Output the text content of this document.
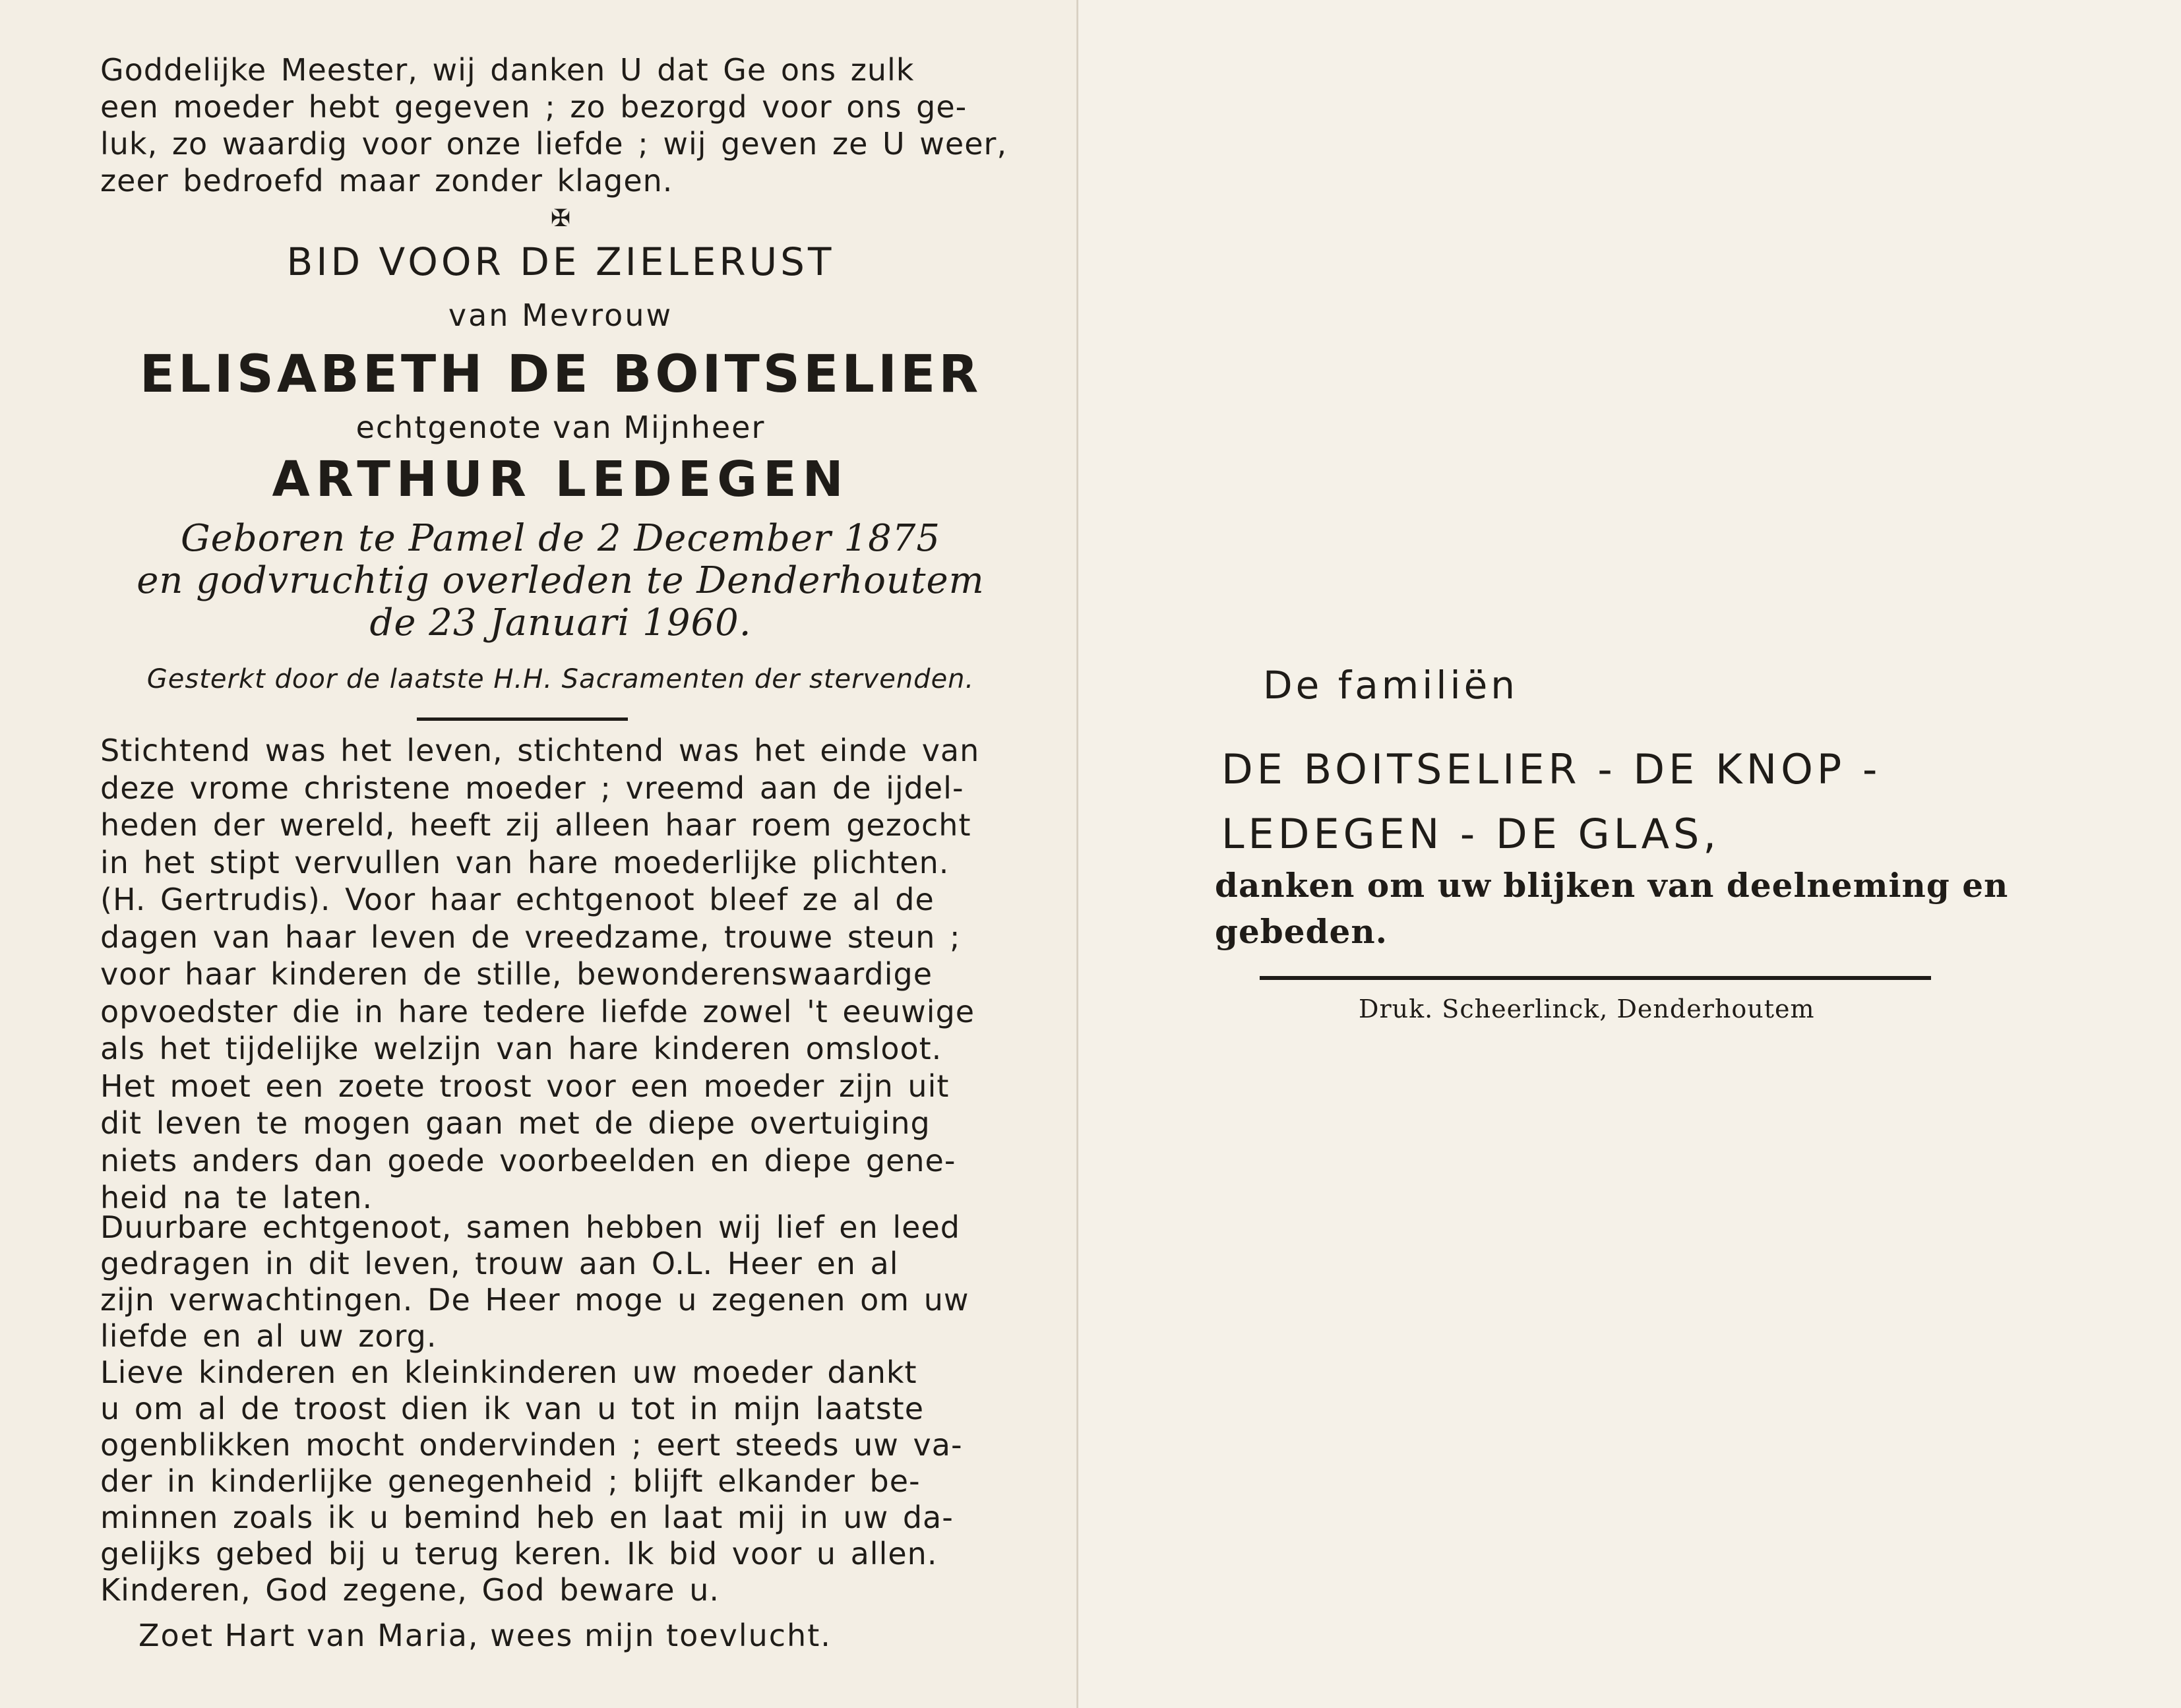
Goddelijke Meester, wij danken U dat Ge ons zulk
een moeder hebt gegeven ; zo bezorgd voor ons ge-
luk, zo waardig voor onze liefde ; wij geven ze U weer,
zeer bedroefd maar zonder klagen.

✠
BID VOOR DE ZIELERUST
van Mevrouw
ELISABETH DE BOITSELIER
echtgenote van Mijnheer
ARTHUR LEDEGEN
Geboren te Pamel de 2 December 1875
en godvruchtig overleden te Denderhoutem
de 23 Januari 1960.
Gesterkt door de laatste H.H. Sacramenten der stervenden.

Stichtend was het leven, stichtend was het einde van
deze vrome christene moeder ; vreemd aan de ijdel-
heden der wereld, heeft zij alleen haar roem gezocht
in het stipt vervullen van hare moederlijke plichten.
(H. Gertrudis). Voor haar echtgenoot bleef ze al de
dagen van haar leven de vreedzame, trouwe steun ;
voor haar kinderen de stille, bewonderenswaardige
opvoedster die in hare tedere liefde zowel 't eeuwige
als het tijdelijke welzijn van hare kinderen omsloot.
Het moet een zoete troost voor een moeder zijn uit
dit leven te mogen gaan met de diepe overtuiging
niets anders dan goede voorbeelden en diepe gene-
heid na te laten.

Duurbare echtgenoot, samen hebben wij lief en leed
gedragen in dit leven, trouw aan O.L. Heer en al
zijn verwachtingen. De Heer moge u zegenen om uw
liefde en al uw zorg.
Lieve kinderen en kleinkinderen uw moeder dankt
u om al de troost dien ik van u tot in mijn laatste
ogenblikken mocht ondervinden ; eert steeds uw va-
der in kinderlijke genegenheid ; blijft elkander be-
minnen zoals ik u bemind heb en laat mij in uw da-
gelijks gebed bij u terug keren. Ik bid voor u allen.
Kinderen, God zegene, God beware u.

Zoet Hart van Maria, wees mijn toevlucht.

De familiën

DE BOITSELIER - DE KNOP -
LEDEGEN - DE GLAS,

danken om uw blijken van deelneming en gebeden.

Druk. Scheerlinck, Denderhoutem
